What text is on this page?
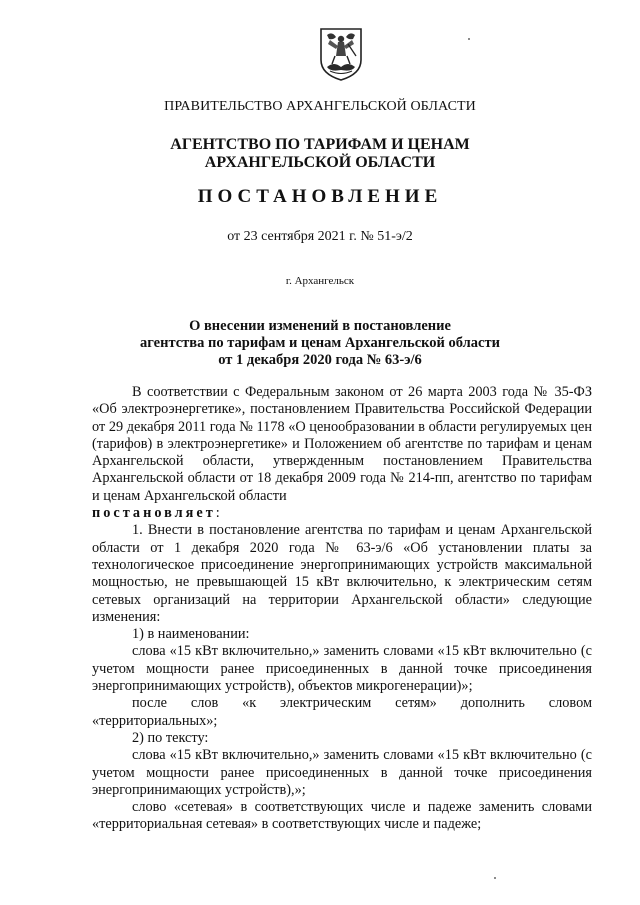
ПРАВИТЕЛЬСТВО АРХАНГЕЛЬСКОЙ ОБЛАСТИ
АГЕНТСТВО ПО ТАРИФАМ И ЦЕНАМ
АРХАНГЕЛЬСКОЙ ОБЛАСТИ
ПОСТАНОВЛЕНИЕ
от 23 сентября 2021 г. № 51-э/2
г. Архангельск
О внесении изменений в постановление
агентства по тарифам и ценам Архангельской области
от 1 декабря 2020 года № 63-э/6

В соответствии с Федеральным законом от 26 марта 2003 года № 35-ФЗ «Об электроэнергетике», постановлением Правительства Российской Федерации от 29 декабря 2011 года № 1178 «О ценообразовании в области регулируемых цен (тарифов) в электроэнергетике» и Положением об агентстве по тарифам и ценам Архангельской области, утвержденным постановлением Правительства Архангельской области от 18 декабря 2009 года № 214-пп, агентство по тарифам и ценам Архангельской области

постановляет:

1. Внести в постановление агентства по тарифам и ценам Архангельской области от 1 декабря 2020 года № 63-э/6 «Об установлении платы за технологическое присоединение энергопринимающих устройств максимальной мощностью, не превышающей 15 кВт включительно, к электрическим сетям сетевых организаций на территории Архангельской области» следующие изменения:

1) в наименовании:

слова «15 кВт включительно,» заменить словами «15 кВт включительно (с учетом мощности ранее присоединенных в данной точке присоединения энергопринимающих устройств), объектов микрогенерации)»;

после слов «к электрическим сетям» дополнить словом «территориальных»;

2) по тексту:

слова «15 кВт включительно,» заменить словами «15 кВт включительно (с учетом мощности ранее присоединенных в данной точке присоединения энергопринимающих устройств),»;

слово «сетевая» в соответствующих числе и падеже заменить словами «территориальная сетевая» в соответствующих числе и падеже;
